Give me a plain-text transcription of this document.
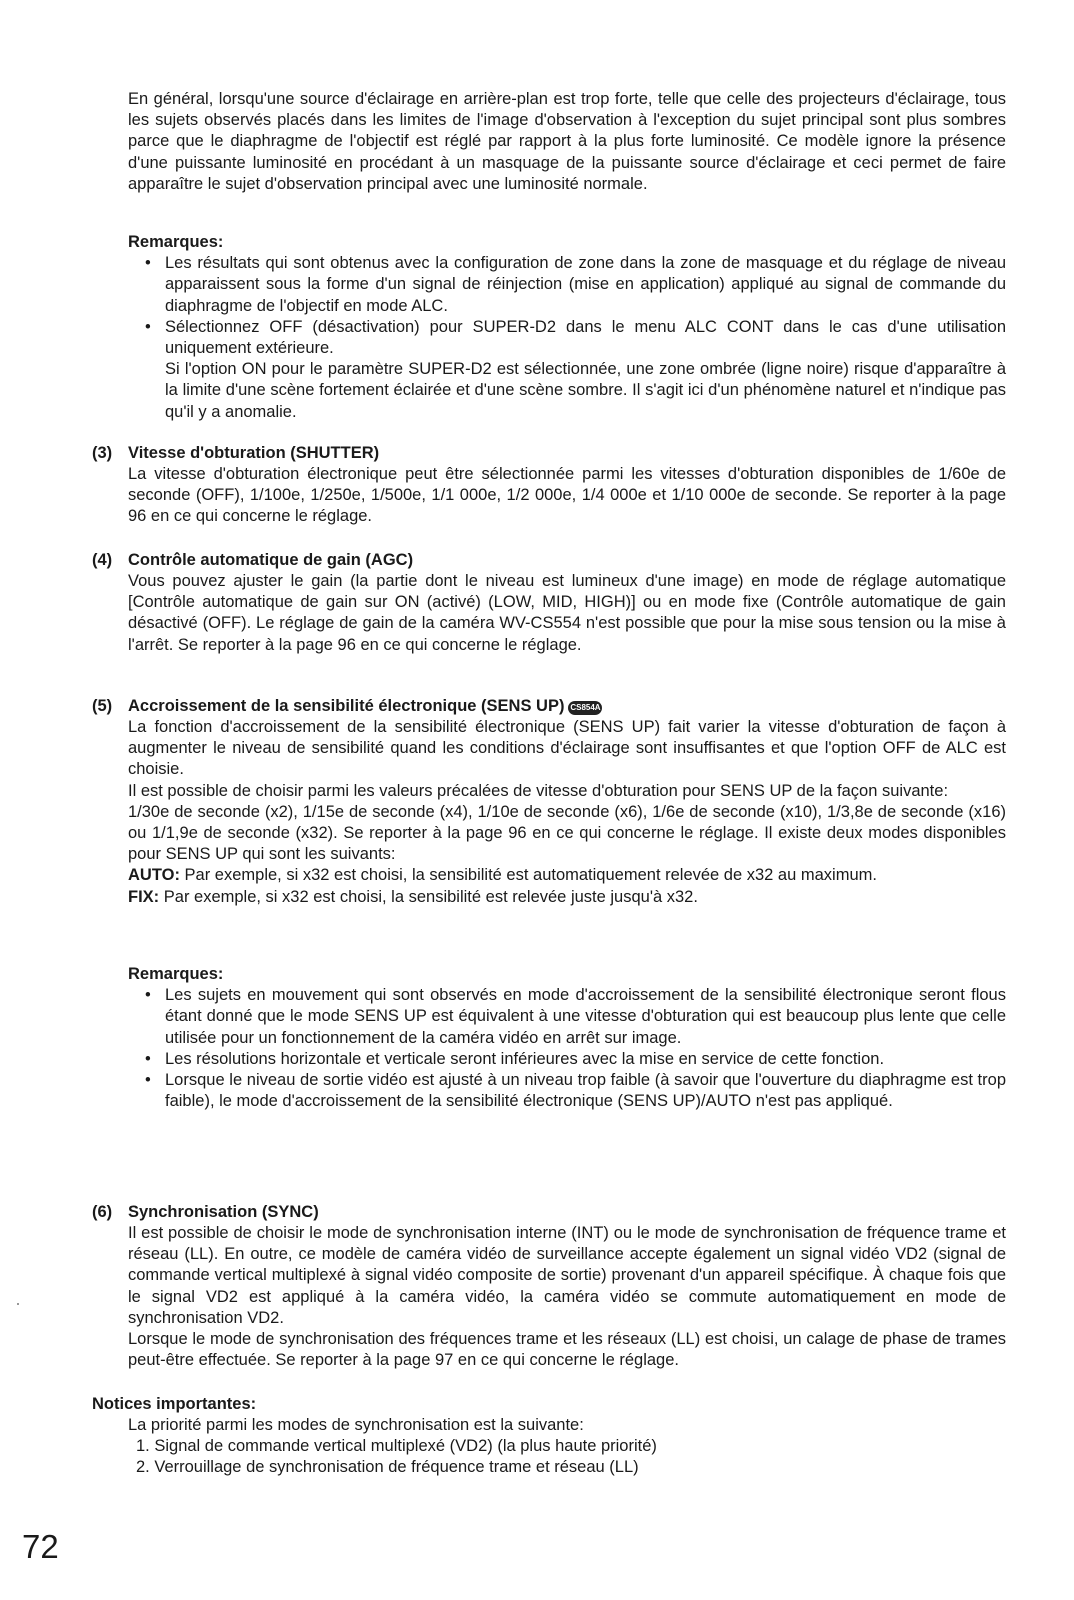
En général, lorsqu'une source d'éclairage en arrière-plan est trop forte, telle que celle des projecteurs d'éclairage, tous les sujets observés placés dans les limites de l'image d'observation à l'exception du sujet principal sont plus sombres parce que le diaphragme de l'objectif est réglé par rapport à la plus forte luminosité. Ce modèle ignore la présence d'une puissante luminosité en procédant à un masquage de la puissante source d'éclairage et ceci permet de faire apparaître le sujet d'observation principal avec une luminosité normale.

Remarques:
• Les résultats qui sont obtenus avec la configuration de zone dans la zone de masquage et du réglage de niveau apparaissent sous la forme d'un signal de réinjection (mise en application) appliqué au signal de commande du diaphragme de l'objectif en mode ALC.
• Sélectionnez OFF (désactivation) pour SUPER-D2 dans le menu ALC CONT dans le cas d'une utilisation uniquement extérieure.
Si l'option ON pour le paramètre SUPER-D2 est sélectionnée, une zone ombrée (ligne noire) risque d'apparaître à la limite d'une scène fortement éclairée et d'une scène sombre. Il s'agit ici d'un phénomène naturel et n'indique pas qu'il y a anomalie.
(3) Vitesse d'obturation (SHUTTER)

La vitesse d'obturation électronique peut être sélectionnée parmi les vitesses d'obturation disponibles de 1/60e de seconde (OFF), 1/100e, 1/250e, 1/500e, 1/1 000e, 1/2 000e, 1/4 000e et 1/10 000e de seconde. Se reporter à la page 96 en ce qui concerne le réglage.

(4) Contrôle automatique de gain (AGC)

Vous pouvez ajuster le gain (la partie dont le niveau est lumineux d'une image) en mode de réglage automatique [Contrôle automatique de gain sur ON (activé) (LOW, MID, HIGH)] ou en mode fixe (Contrôle automatique de gain désactivé (OFF). Le réglage de gain de la caméra WV-CS554 n'est possible que pour la mise sous tension ou la mise à l'arrêt. Se reporter à la page 96 en ce qui concerne le réglage.

(5) Accroissement de la sensibilité électronique (SENS UP) CS854A

La fonction d'accroissement de la sensibilité électronique (SENS UP) fait varier la vitesse d'obturation de façon à augmenter le niveau de sensibilité quand les conditions d'éclairage sont insuffisantes et que l'option OFF de ALC est choisie.

Il est possible de choisir parmi les valeurs précalées de vitesse d'obturation pour SENS UP de la façon suivante:

1/30e de seconde (x2), 1/15e de seconde (x4), 1/10e de seconde (x6), 1/6e de seconde (x10), 1/3,8e de seconde (x16) ou 1/1,9e de seconde (x32). Se reporter à la page 96 en ce qui concerne le réglage. Il existe deux modes disponibles pour SENS UP qui sont les suivants:

AUTO: Par exemple, si x32 est choisi, la sensibilité est automatiquement relevée de x32 au maximum.

FIX: Par exemple, si x32 est choisi, la sensibilité est relevée juste jusqu'à x32.

Remarques:
• Les sujets en mouvement qui sont observés en mode d'accroissement de la sensibilité électronique seront flous étant donné que le mode SENS UP est équivalent à une vitesse d'obturation qui est beaucoup plus lente que celle utilisée pour un fonctionnement de la caméra vidéo en arrêt sur image.
• Les résolutions horizontale et verticale seront inférieures avec la mise en service de cette fonction.
• Lorsque le niveau de sortie vidéo est ajusté à un niveau trop faible (à savoir que l'ouverture du diaphragme est trop faible), le mode d'accroissement de la sensibilité électronique (SENS UP)/AUTO n'est pas appliqué.
(6) Synchronisation (SYNC)

Il est possible de choisir le mode de synchronisation interne (INT) ou le mode de synchronisation de fréquence trame et réseau (LL). En outre, ce modèle de caméra vidéo de surveillance accepte également un signal vidéo VD2 (signal de commande vertical multiplexé à signal vidéo composite de sortie) provenant d'un appareil spécifique. À chaque fois que le signal VD2 est appliqué à la caméra vidéo, la caméra vidéo se commute automatiquement en mode de synchronisation VD2.

Lorsque le mode de synchronisation des fréquences trame et les réseaux (LL) est choisi, un calage de phase de trames peut-être effectuée. Se reporter à la page 97 en ce qui concerne le réglage.

Notices importantes:

La priorité parmi les modes de synchronisation est la suivante:

1. Signal de commande vertical multiplexé (VD2) (la plus haute priorité)
2. Verrouillage de synchronisation de fréquence trame et réseau (LL)
72
